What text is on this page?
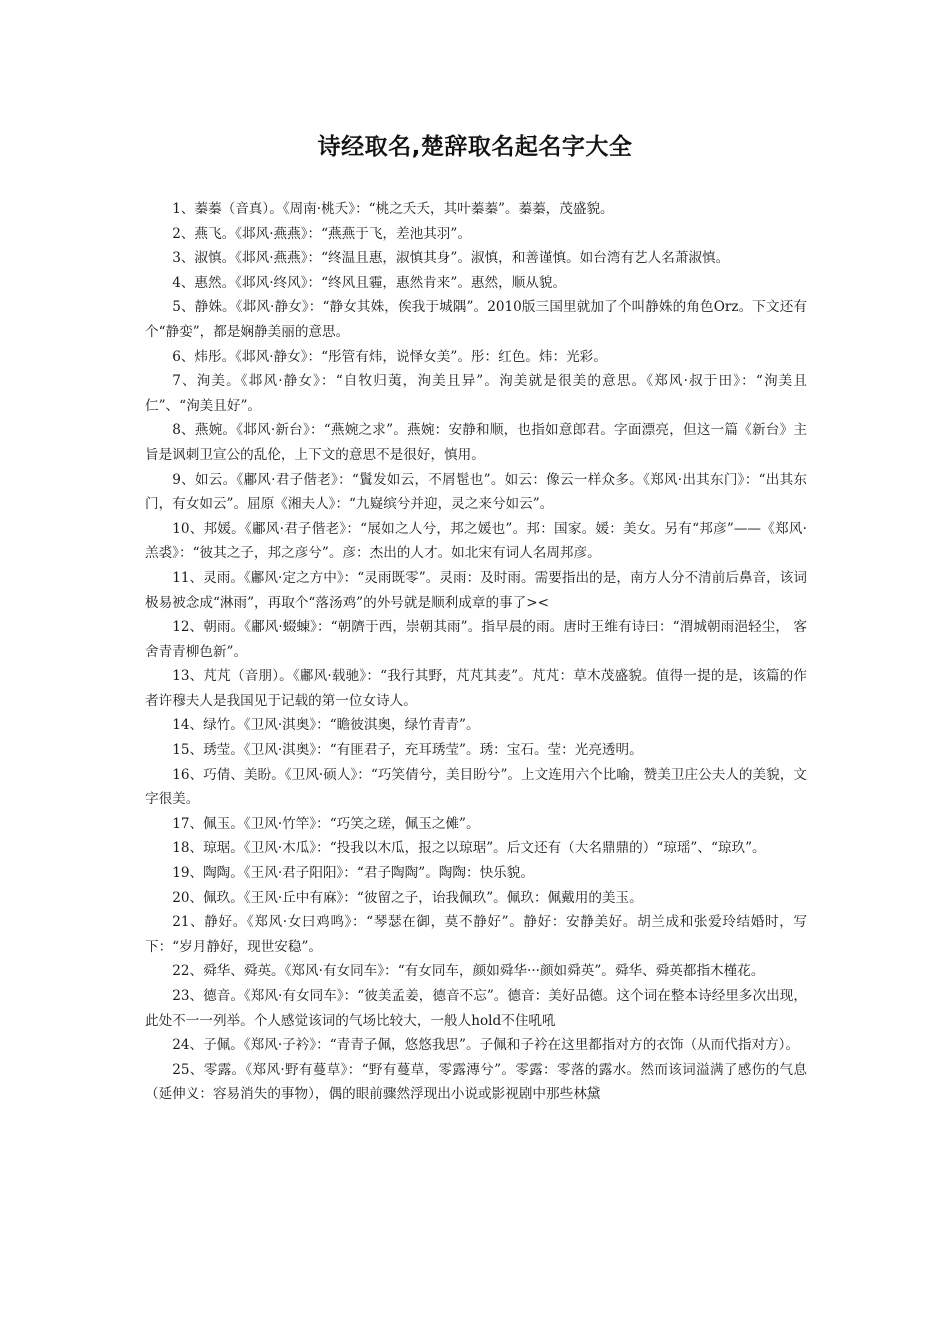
诗经取名,楚辞取名起名字大全

1、蓁蓁（音真）。《周南·桃夭》：“桃之夭夭，其叶蓁蓁”。蓁蓁，茂盛貌。

2、燕飞。《邶风·燕燕》：“燕燕于飞，差池其羽”。

3、淑慎。《邶风·燕燕》：“终温且惠，淑慎其身”。淑慎，和善谨慎。如台湾有艺人名萧淑慎。

4、惠然。《邶风·终风》：“终风且霾，惠然肯来”。惠然，顺从貌。

5、静姝。《邶风·静女》：“静女其姝，俟我于城隅”。2010版三国里就加了个叫静姝的角色Orz。下文还有个“静娈”，都是娴静美丽的意思。

6、炜彤。《邶风·静女》：“彤管有炜，说怿女美”。彤：红色。炜：光彩。

7、洵美。《邶风·静女》：“自牧归荑，洵美且异”。洵美就是很美的意思。《郑风·叔于田》：“洵美且仁”、“洵美且好”。

8、燕婉。《邶风·新台》：“燕婉之求”。燕婉：安静和顺，也指如意郎君。字面漂亮，但这一篇《新台》主旨是讽刺卫宣公的乱伦，上下文的意思不是很好，慎用。

9、如云。《鄘风·君子偕老》：“鬒发如云，不屑髢也”。如云：像云一样众多。《郑风·出其东门》：“出其东门，有女如云”。屈原《湘夫人》：“九嶷缤兮并迎，灵之来兮如云”。

10、邦媛。《鄘风·君子偕老》：“展如之人兮，邦之媛也”。邦：国家。媛：美女。另有“邦彦”——《郑风·羔裘》：“彼其之子，邦之彦兮”。彦：杰出的人才。如北宋有词人名周邦彦。

11、灵雨。《鄘风·定之方中》：“灵雨既零”。灵雨：及时雨。需要指出的是，南方人分不清前后鼻音，该词极易被念成“淋雨”，再取个“落汤鸡”的外号就是顺利成章的事了><

12、朝雨。《鄘风·蝃蝀》：“朝隮于西，崇朝其雨”。指早晨的雨。唐时王维有诗曰：“渭城朝雨浥轻尘， 客舍青青柳色新”。

13、芃芃（音朋）。《鄘风·载驰》：“我行其野，芃芃其麦”。芃芃：草木茂盛貌。值得一提的是，该篇的作者许穆夫人是我国见于记载的第一位女诗人。

14、绿竹。《卫风·淇奥》：“瞻彼淇奥，绿竹青青”。

15、琇莹。《卫风·淇奥》：“有匪君子，充耳琇莹”。琇：宝石。莹：光亮透明。

16、巧倩、美盼。《卫风·硕人》：“巧笑倩兮，美目盼兮”。上文连用六个比喻，赞美卫庄公夫人的美貌，文字很美。

17、佩玉。《卫风·竹竿》：“巧笑之瑳，佩玉之傩”。

18、琼琚。《卫风·木瓜》：“投我以木瓜，报之以琼琚”。后文还有（大名鼎鼎的）“琼瑶”、“琼玖”。

19、陶陶。《王风·君子阳阳》：“君子陶陶”。陶陶：快乐貌。

20、佩玖。《王风·丘中有麻》：“彼留之子，诒我佩玖”。佩玖：佩戴用的美玉。

21、静好。《郑风·女曰鸡鸣》：“琴瑟在御，莫不静好”。静好：安静美好。胡兰成和张爱玲结婚时，写下：“岁月静好，现世安稳”。

22、舜华、舜英。《郑风·有女同车》：“有女同车，颜如舜华···颜如舜英”。舜华、舜英都指木槿花。

23、德音。《郑风·有女同车》：“彼美孟姜，德音不忘”。德音：美好品德。这个词在整本诗经里多次出现，此处不一一列举。个人感觉该词的气场比较大，一般人hold不住吼吼

24、子佩。《郑风·子衿》：“青青子佩，悠悠我思”。子佩和子衿在这里都指对方的衣饰（从而代指对方）。

25、零露。《郑风·野有蔓草》：“野有蔓草，零露漙兮”。零露：零落的露水。然而该词溢满了感伤的气息（延伸义：容易消失的事物），偶的眼前骤然浮现出小说或影视剧中那些林黛
